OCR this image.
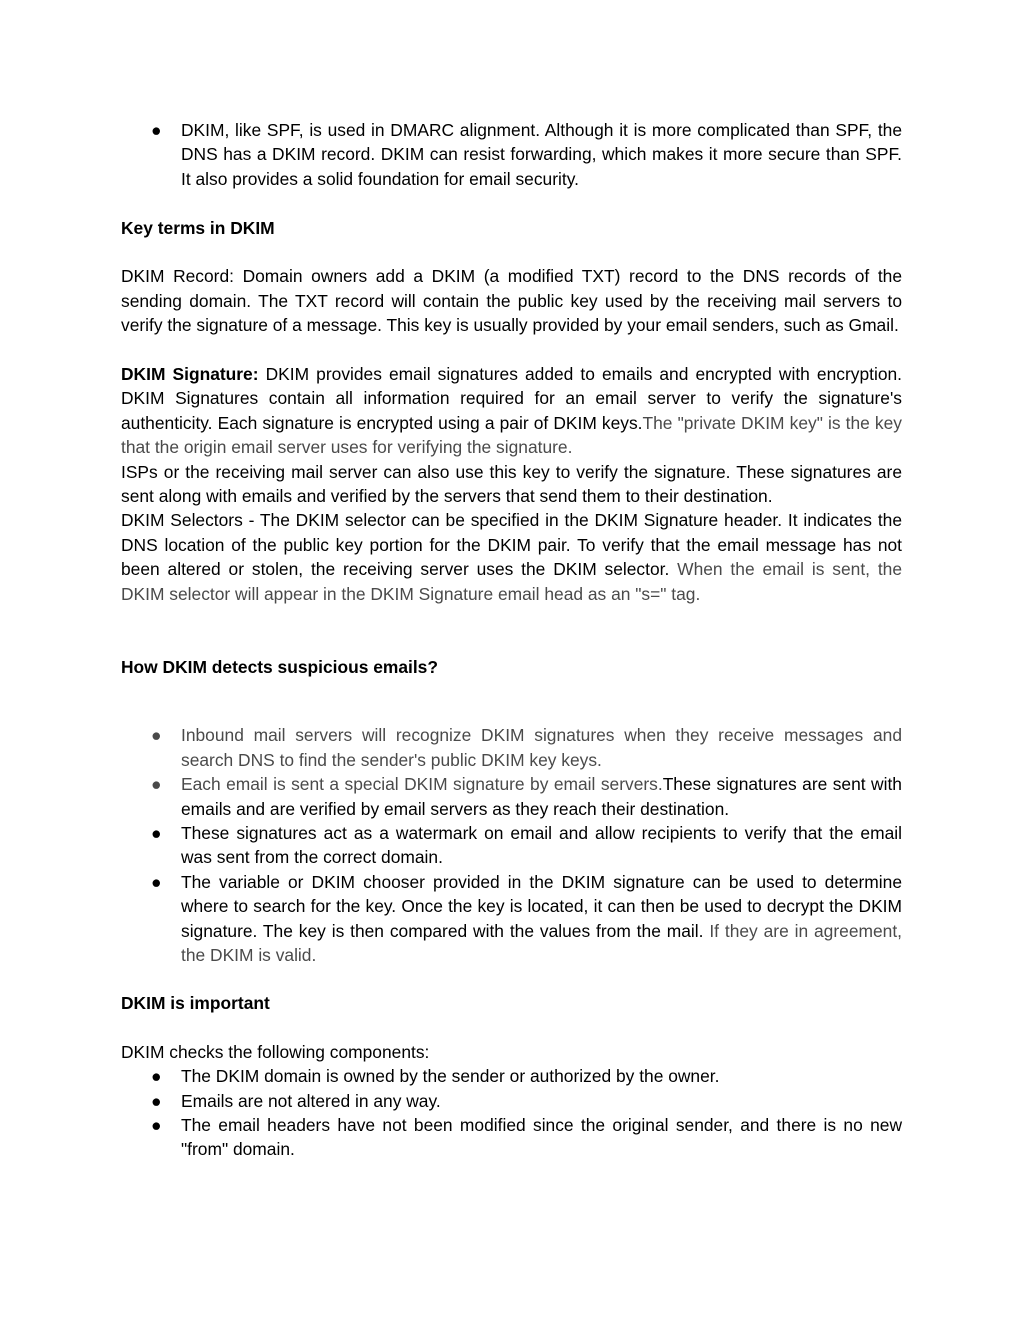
● DKIM, like SPF, is used in DMARC alignment. Although it is more complicated than SPF, the DNS has a DKIM record. DKIM can resist forwarding, which makes it more secure than SPF. It also provides a solid foundation for email security.

Key terms in DKIM

DKIM Record: Domain owners add a DKIM (a modified TXT) record to the DNS records of the sending domain. The TXT record will contain the public key used by the receiving mail servers to verify the signature of a message. This key is usually provided by your email senders, such as Gmail.

DKIM Signature: DKIM provides email signatures added to emails and encrypted with encryption. DKIM Signatures contain all information required for an email server to verify the signature's authenticity. Each signature is encrypted using a pair of DKIM keys.The "private DKIM key" is the key that the origin email server uses for verifying the signature.

ISPs or the receiving mail server can also use this key to verify the signature. These signatures are sent along with emails and verified by the servers that send them to their destination.

DKIM Selectors - The DKIM selector can be specified in the DKIM Signature header. It indicates the DNS location of the public key portion for the DKIM pair. To verify that the email message has not been altered or stolen, the receiving server uses the DKIM selector. When the email is sent, the DKIM selector will appear in the DKIM Signature email head as an "s=" tag.

How DKIM detects suspicious emails?

● Inbound mail servers will recognize DKIM signatures when they receive messages and search DNS to find the sender's public DKIM key keys.
● Each email is sent a special DKIM signature by email servers.These signatures are sent with emails and are verified by email servers as they reach their destination.
● These signatures act as a watermark on email and allow recipients to verify that the email was sent from the correct domain.
● The variable or DKIM chooser provided in the DKIM signature can be used to determine where to search for the key. Once the key is located, it can then be used to decrypt the DKIM signature. The key is then compared with the values from the mail. If they are in agreement, the DKIM is valid.

DKIM is important

DKIM checks the following components:

● The DKIM domain is owned by the sender or authorized by the owner.
● Emails are not altered in any way.
● The email headers have not been modified since the original sender, and there is no new "from" domain.
